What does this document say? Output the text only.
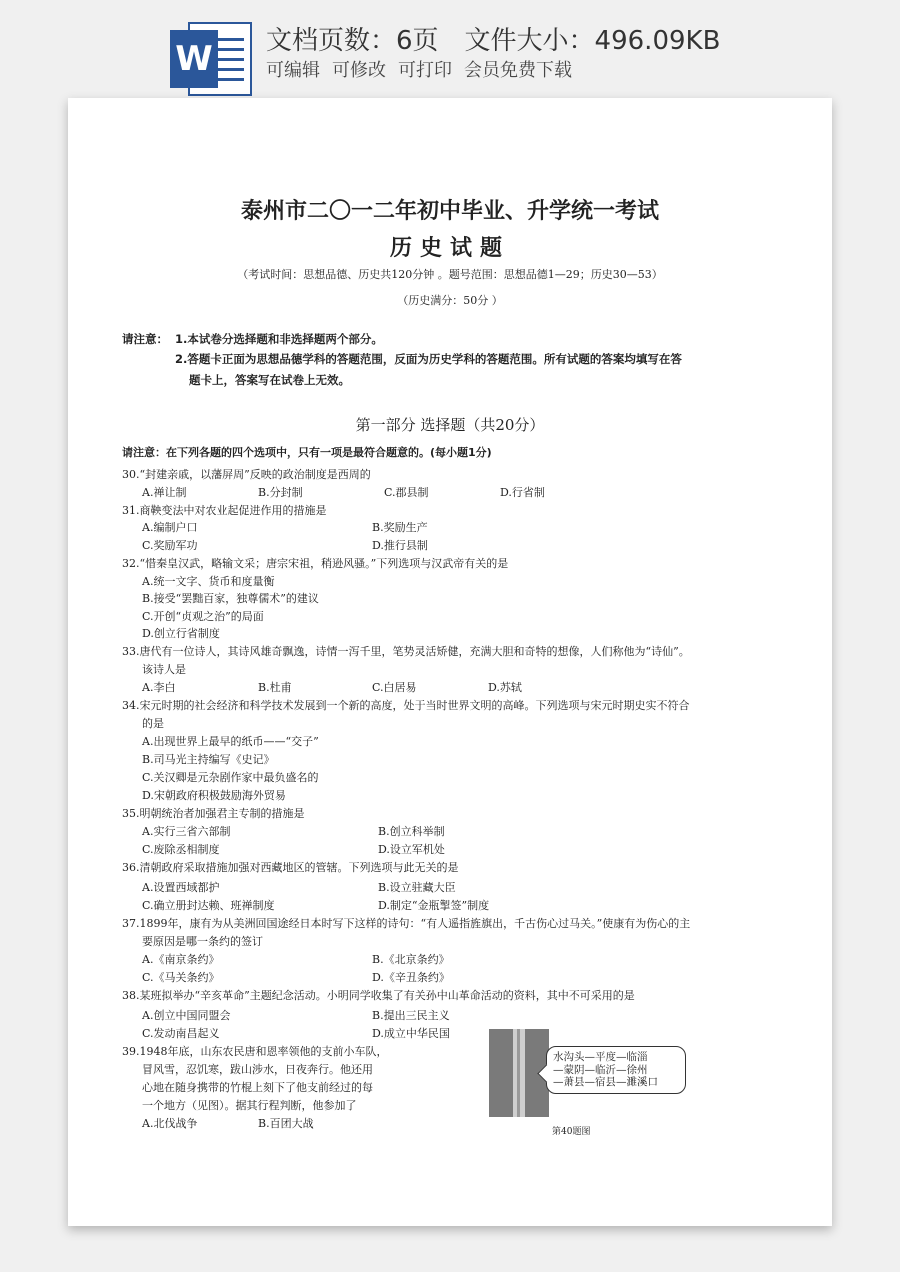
W 文档页数：6页 文件大小：496.09KB
可编辑 可修改 可打印 会员免费下载
泰州市二〇一二年初中毕业、升学统一考试
历史试题
（考试时间：思想品德、历史共120分钟 。题号范围：思想品德1—29；历史30—53）
（历史满分：50分 ）
请注意： 1.本试卷分选择题和非选择题两个部分。
2.答题卡正面为思想品德学科的答题范围，反面为历史学科的答题范围。所有试题的答案均填写在答
题卡上，答案写在试卷上无效。
第一部分 选择题（共20分）
请注意：在下列各题的四个选项中，只有一项是最符合题意的。(每小题1分)
30.“封建亲戚，以藩屏周”反映的政治制度是西周的
A.禅让制	B.分封制	C.郡县制	D.行省制
31.商鞅变法中对农业起促进作用的措施是
A.编制户口	B.奖励生产
C.奖励军功	D.推行县制
32.“惜秦皇汉武，略输文采；唐宗宋祖，稍逊风骚。”下列选项与汉武帝有关的是
A.统一文字、货币和度量衡
B.接受“罢黜百家，独尊儒术”的建议
C.开创“贞观之治”的局面
D.创立行省制度
33.唐代有一位诗人，其诗风雄奇飘逸，诗情一泻千里，笔势灵活矫健，充满大胆和奇特的想像，人们称他为“诗仙”。
该诗人是
A.李白	B.杜甫	C.白居易	D.苏轼
34.宋元时期的社会经济和科学技术发展到一个新的高度，处于当时世界文明的高峰。下列选项与宋元时期史实不符合
的是
A.出现世界上最早的纸币——“交子”
B.司马光主持编写《史记》
C.关汉卿是元杂剧作家中最负盛名的
D.宋朝政府积极鼓励海外贸易
35.明朝统治者加强君主专制的措施是
A.实行三省六部制	B.创立科举制
C.废除丞相制度	D.设立军机处
36.清朝政府采取措施加强对西藏地区的管辖。下列选项与此无关的是
A.设置西域都护	B.设立驻藏大臣
C.确立册封达赖、班禅制度	D.制定“金瓶掣签”制度
37.1899年，康有为从美洲回国途经日本时写下这样的诗句：“有人遥指旌旗出，千古伤心过马关。”使康有为伤心的主
要原因是哪一条约的签订
A.《南京条约》	B.《北京条约》
C.《马关条约》	D.《辛丑条约》
38.某班拟举办“辛亥革命”主题纪念活动。小明同学收集了有关孙中山革命活动的资料，其中不可采用的是
A.创立中国同盟会	B.提出三民主义
C.发动南昌起义	D.成立中华民国
39.1948年底，山东农民唐和恩率领他的支前小车队，
冒风雪，忍饥寒，跋山涉水，日夜奔行。他还用
心地在随身携带的竹棍上刻下了他支前经过的每
一个地方（见图）。据其行程判断，他参加了
A.北伐战争	B.百团大战
水沟头—平度—临淄
—蒙阴—临沂—徐州
—萧县—宿县—濉溪口
第40题图
